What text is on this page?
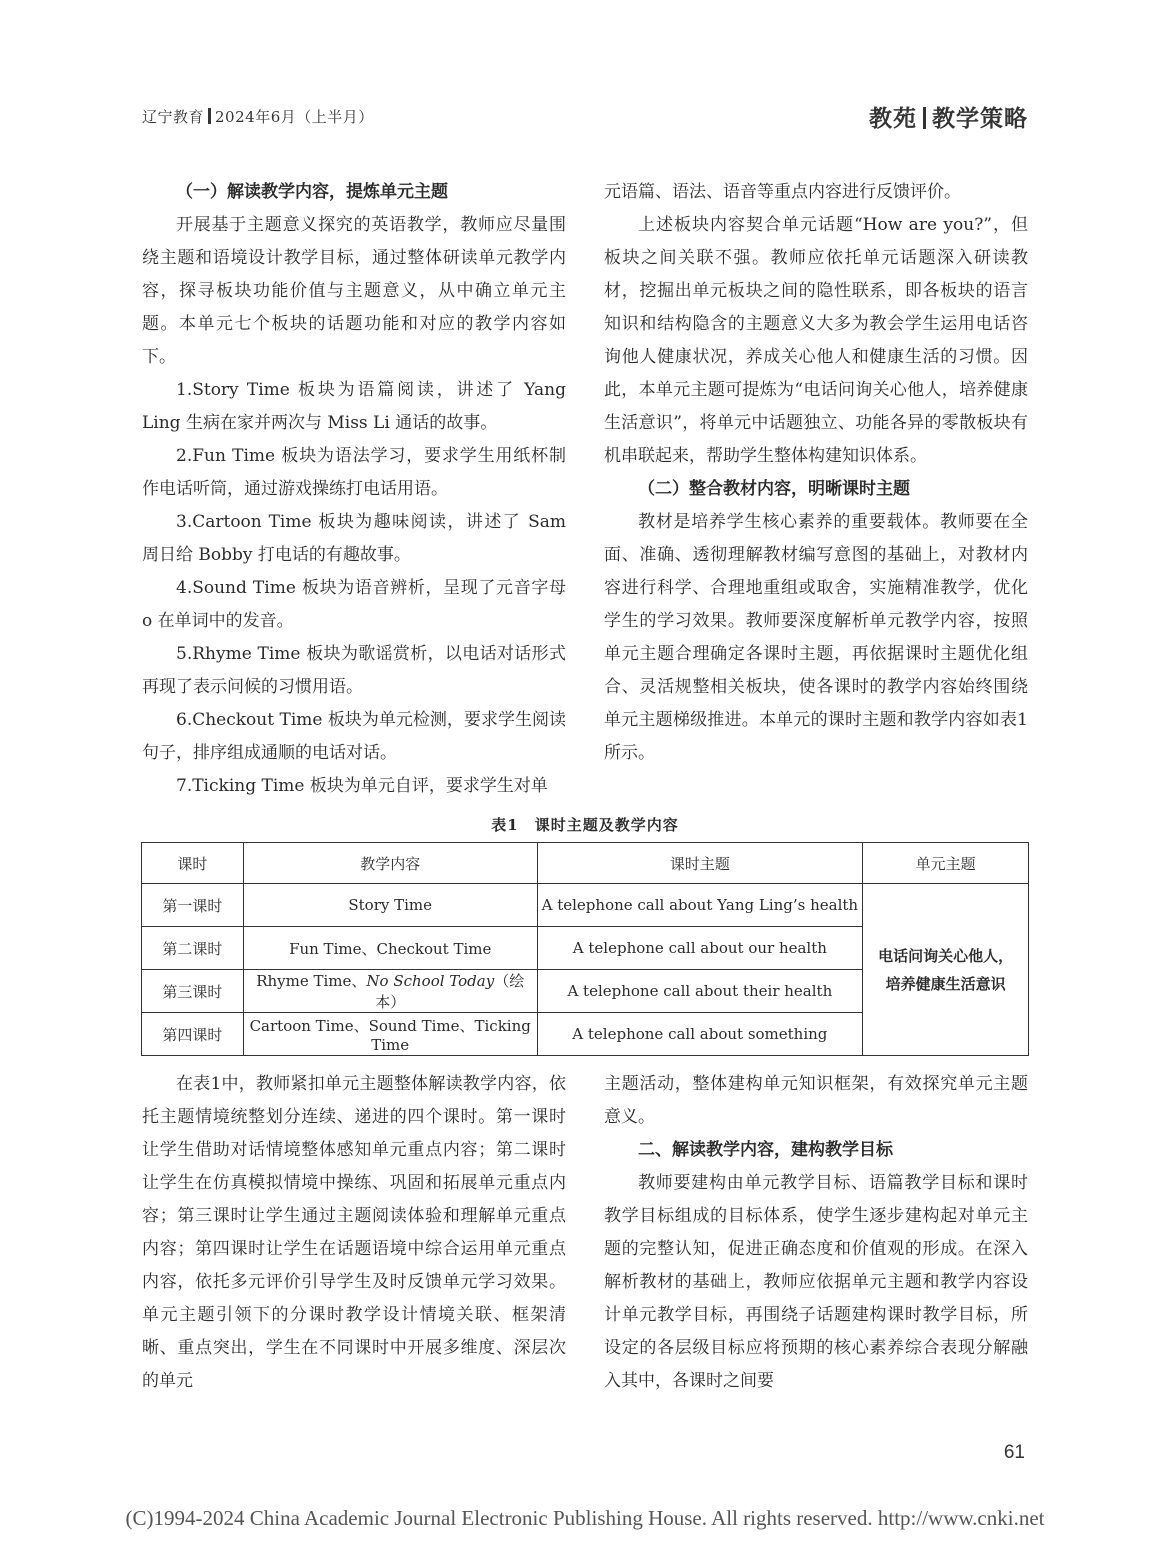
辽宁教育 2024年6月（上半月）	教苑 教学策略

（一）解读教学内容，提炼单元主题

开展基于主题意义探究的英语教学，教师应尽量围绕主题和语境设计教学目标，通过整体研读单元教学内容，探寻板块功能价值与主题意义，从中确立单元主题。本单元七个板块的话题功能和对应的教学内容如下。

1.Story Time 板块为语篇阅读，讲述了 Yang Ling 生病在家并两次与 Miss Li 通话的故事。

2.Fun Time 板块为语法学习，要求学生用纸杯制作电话听筒，通过游戏操练打电话用语。

3.Cartoon Time 板块为趣味阅读，讲述了 Sam 周日给 Bobby 打电话的有趣故事。

4.Sound Time 板块为语音辨析，呈现了元音字母 o 在单词中的发音。

5.Rhyme Time 板块为歌谣赏析，以电话对话形式再现了表示问候的习惯用语。

6.Checkout Time 板块为单元检测，要求学生阅读句子，排序组成通顺的电话对话。

7.Ticking Time 板块为单元自评，要求学生对单

元语篇、语法、语音等重点内容进行反馈评价。

上述板块内容契合单元话题“How are you?”，但板块之间关联不强。教师应依托单元话题深入研读教材，挖掘出单元板块之间的隐性联系，即各板块的语言知识和结构隐含的主题意义大多为教会学生运用电话咨询他人健康状况，养成关心他人和健康生活的习惯。因此，本单元主题可提炼为“电话问询关心他人，培养健康生活意识”，将单元中话题独立、功能各异的零散板块有机串联起来，帮助学生整体构建知识体系。

（二）整合教材内容，明晰课时主题

教材是培养学生核心素养的重要载体。教师要在全面、准确、透彻理解教材编写意图的基础上，对教材内容进行科学、合理地重组或取舍，实施精准教学，优化学生的学习效果。教师要深度解析单元教学内容，按照单元主题合理确定各课时主题，再依据课时主题优化组合、灵活规整相关板块，使各课时的教学内容始终围绕单元主题梯级推进。本单元的课时主题和教学内容如表1所示。

表1　课时主题及教学内容
课时	教学内容	课时主题	单元主题
第一课时	Story Time	A telephone call about Yang Ling’s health	电话问询关心他人，
培养健康生活意识
第二课时	Fun Time、Checkout Time	A telephone call about our health	
第三课时	Rhyme Time、No School Today（绘本）	A telephone call about their health	
第四课时	Cartoon Time、Sound Time、Ticking Time	A telephone call about something	

在表1中，教师紧扣单元主题整体解读教学内容，依托主题情境统整划分连续、递进的四个课时。第一课时让学生借助对话情境整体感知单元重点内容；第二课时让学生在仿真模拟情境中操练、巩固和拓展单元重点内容；第三课时让学生通过主题阅读体验和理解单元重点内容；第四课时让学生在话题语境中综合运用单元重点内容，依托多元评价引导学生及时反馈单元学习效果。单元主题引领下的分课时教学设计情境关联、框架清晰、重点突出，学生在不同课时中开展多维度、深层次的单元

主题活动，整体建构单元知识框架，有效探究单元主题意义。

二、解读教学内容，建构教学目标

教师要建构由单元教学目标、语篇教学目标和课时教学目标组成的目标体系，使学生逐步建构起对单元主题的完整认知，促进正确态度和价值观的形成。在深入解析教材的基础上，教师应依据单元主题和教学内容设计单元教学目标，再围绕子话题建构课时教学目标，所设定的各层级目标应将预期的核心素养综合表现分解融入其中，各课时之间要

61
(C)1994-2024 China Academic Journal Electronic Publishing House. All rights reserved. http://www.cnki.net
